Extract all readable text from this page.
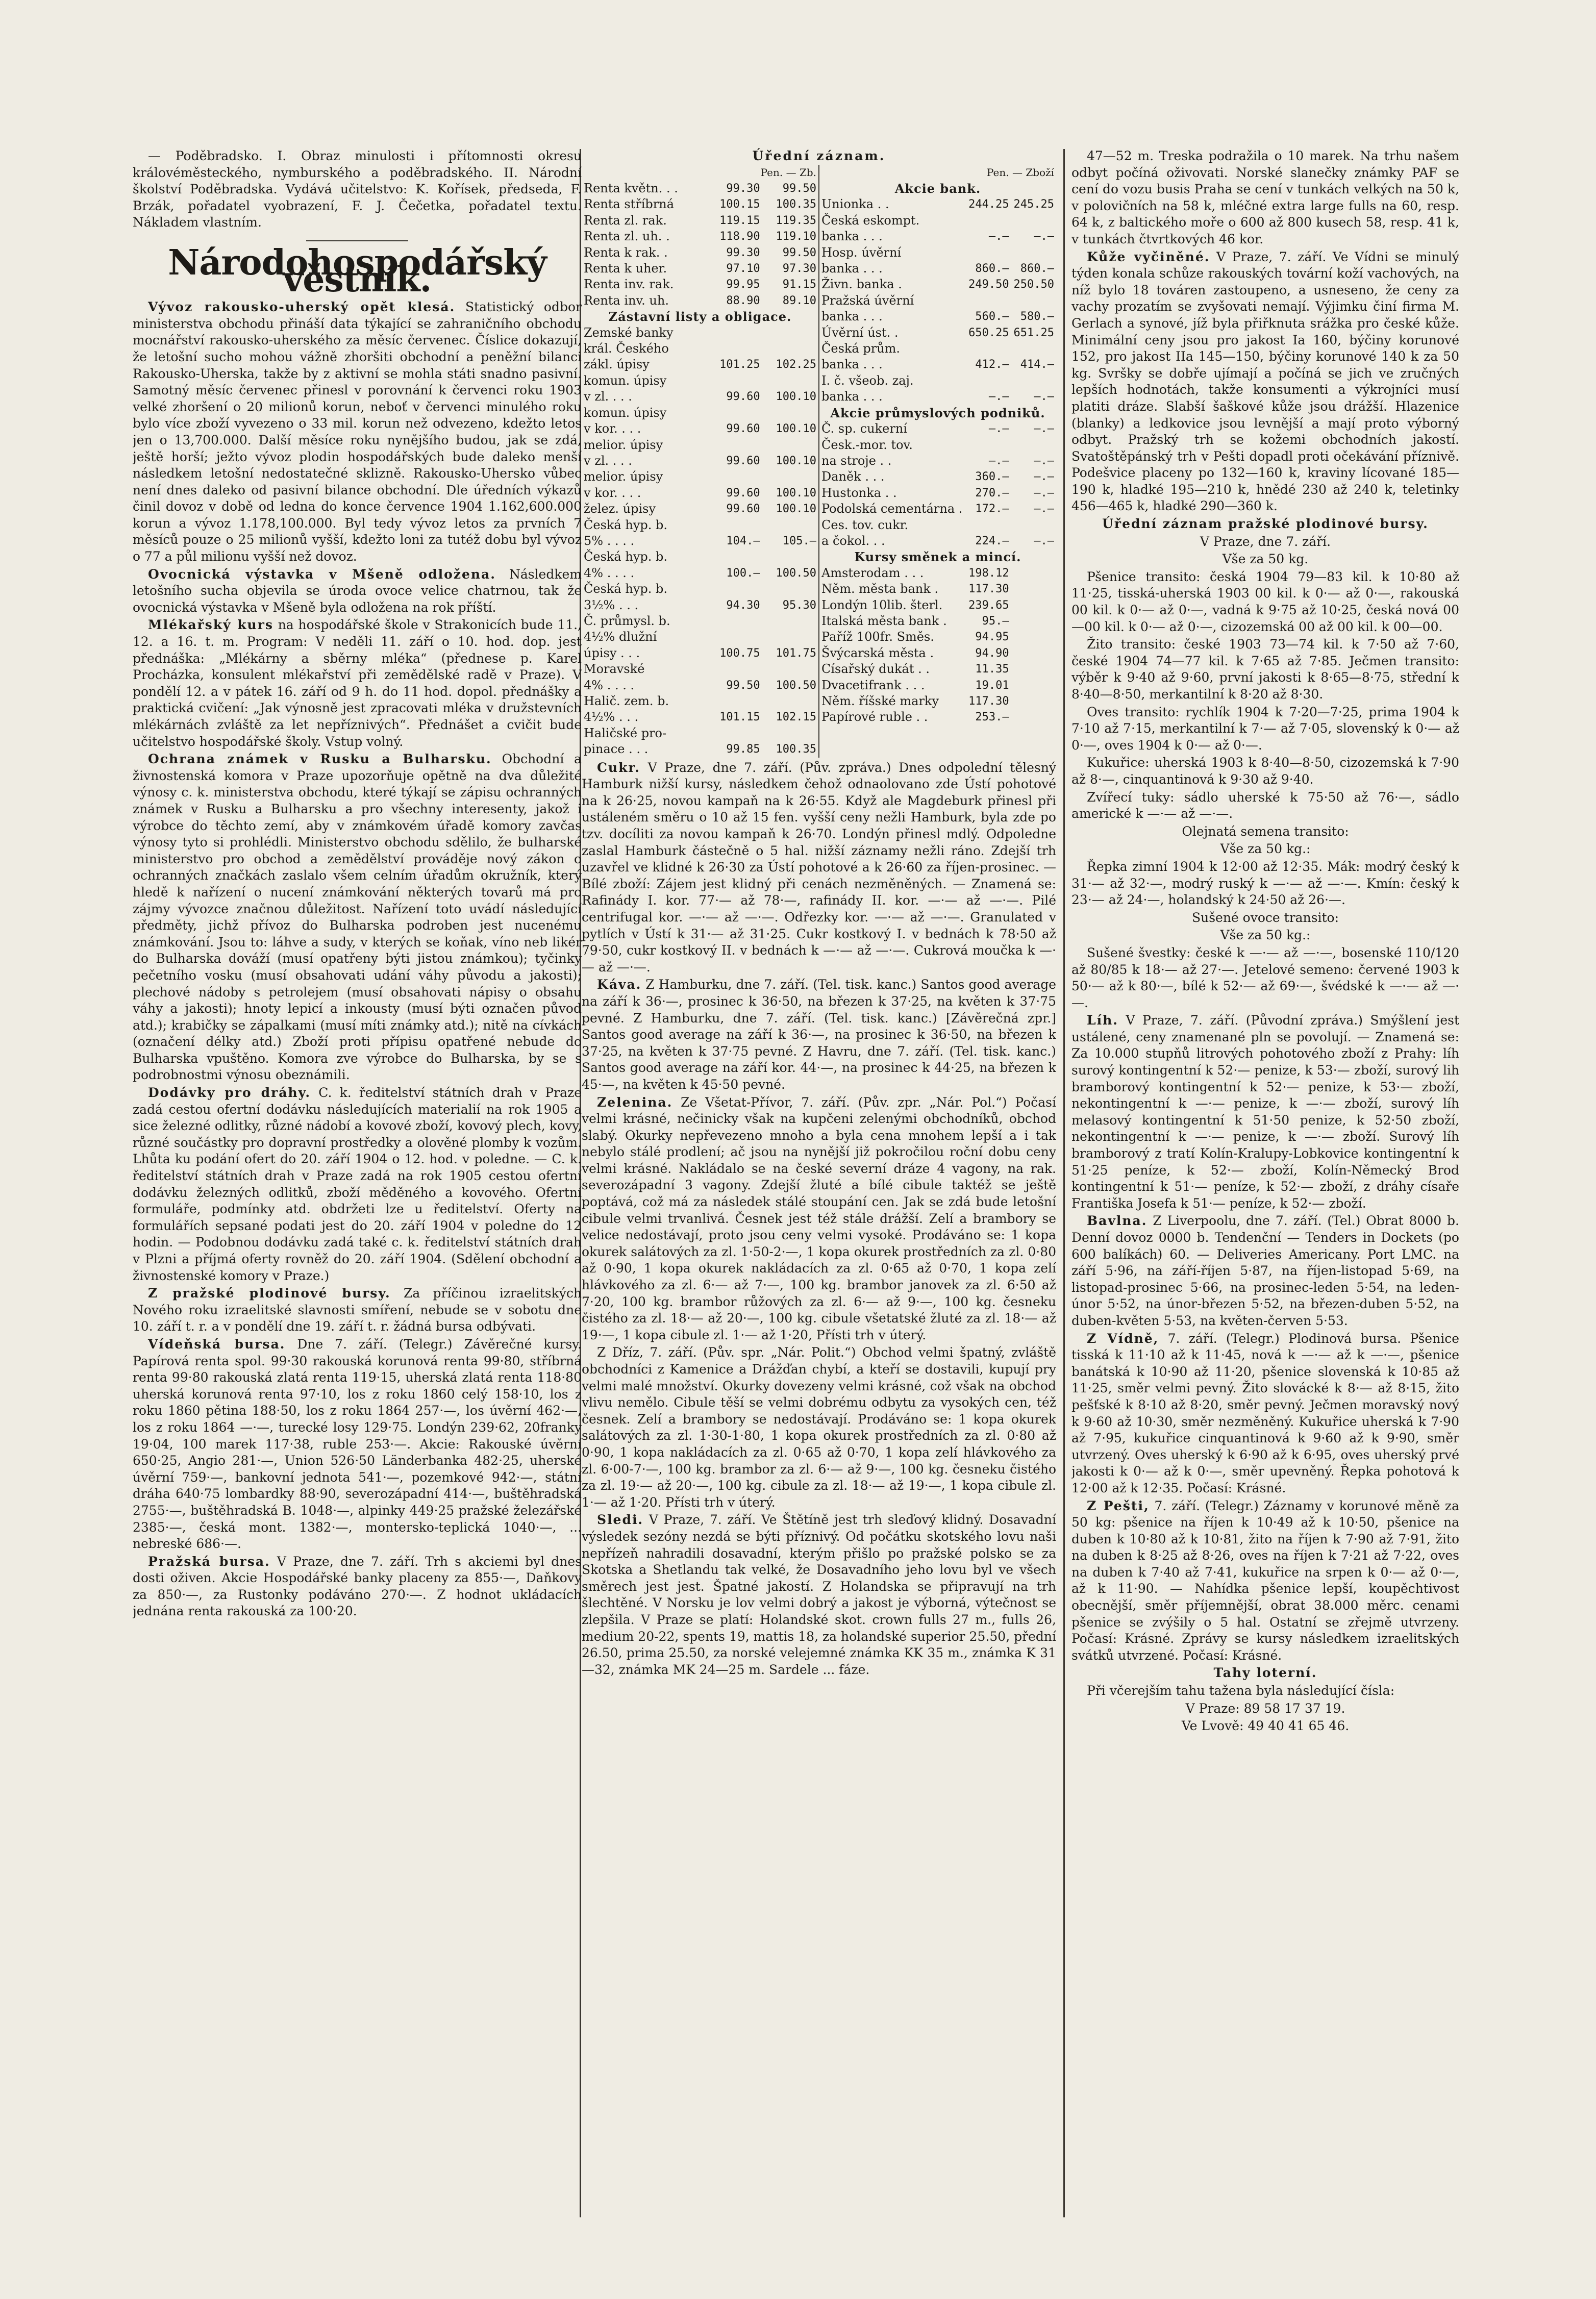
— Poděbradsko. I. Obraz minulosti i přítomnosti okresu královéměsteckého, nymburského a poděbradského. II. Národní školství Poděbradska. Vydává učitelstvo: K. Kořísek, předseda, F. Brzák, pořadatel vyobrazení, F. J. Čečetka, pořadatel textu. Nákladem vlastním.

Národohospodářský věstník.

Vývoz rakousko-uherský opět klesá. Statistický odbor ministerstva obchodu přináší data týkající se zahraničního obchodu mocnářství rakousko-uherského za měsíc červenec. Číslice dokazují, že letošní sucho mohou vážně zhoršiti obchodní a peněžní bilanci Rakousko-Uherska, takže by z aktivní se mohla státi snadno pasivní. Samotný měsíc červenec přinesl v porovnání k červenci roku 1903 velké zhoršení o 20 milionů korun, neboť v červenci minulého roku bylo více zboží vyvezeno o 33 mil. korun než odvezeno, kdežto letos jen o 13,700.000. Další měsíce roku nynějšího budou, jak se zdá, ještě horší; ježto vývoz plodin hospodářských bude daleko menší následkem letošní nedostatečné sklizně. Rakousko-Uhersko vůbec není dnes daleko od pasivní bilance obchodní. Dle úředních výkazů činil dovoz v době od ledna do konce července 1904 1.162,600.000 korun a vývoz 1.178,100.000. Byl tedy vývoz letos za prvních 7 měsíců pouze o 25 milionů vyšší, kdežto loni za tutéž dobu byl vývoz o 77 a půl milionu vyšší než dovoz.

Ovocnická výstavka v Mšeně odložena. Následkem letošního sucha objevila se úroda ovoce velice chatrnou, tak že ovocnická výstavka v Mšeně byla odložena na rok příští.

Mlékařský kurs na hospodářské škole v Strakonicích bude 11., 12. a 16. t. m. Program: V neděli 11. září o 10. hod. dop. jest přednáška: „Mlékárny a sběrny mléka“ (přednese p. Karel Procházka, konsulent mlékařství při zemědělské radě v Praze). V pondělí 12. a v pátek 16. září od 9 h. do 11 hod. dopol. přednášky a praktická cvičení: „Jak výnosně jest zpracovati mléka v družstevních mlékárnách zvláště za let nepříznivých“. Přednášet a cvičit bude učitelstvo hospodářské školy. Vstup volný.

Ochrana známek v Rusku a Bulharsku. Obchodní a živnostenská komora v Praze upozorňuje opětně na dva důležité výnosy c. k. ministerstva obchodu, které týkají se zápisu ochranných známek v Rusku a Bulharsku a pro všechny interesenty, jakož i výrobce do těchto zemí, aby v známkovém úřadě komory zavčas výnosy tyto si prohlédli. Ministerstvo obchodu sdělilo, že bulharské ministerstvo pro obchod a zemědělství prováděje nový zákon o ochranných značkách zaslalo všem celním úřadům okružník, který hledě k nařízení o nucení známkování některých tovarů má pro zájmy vývozce značnou důležitost. Nařízení toto uvádí následující předměty, jichž přívoz do Bulharska podroben jest nucenému známkování. Jsou to: láhve a sudy, v kterých se koňak, víno neb likér do Bulharska dováží (musí opatřeny býti jistou známkou); tyčinky pečetního vosku (musí obsahovati udání váhy původu a jakosti); plechové nádoby s petrolejem (musí obsahovati nápisy o obsahu váhy a jakosti); hnoty lepicí a inkousty (musí býti označen původ atd.); krabičky se zápalkami (musí míti známky atd.); nitě na cívkách (označení délky atd.) Zboží proti přípisu opatřené nebude do Bulharska vpuštěno. Komora zve výrobce do Bulharska, by se s podrobnostmi výnosu obeznámili.

Dodávky pro dráhy. C. k. ředitelství státních drah v Praze zadá cestou ofertní dodávku následujících materialií na rok 1905 a sice železné odlitky, různé nádobí a kovové zboží, kovový plech, kovy, různé součástky pro dopravní prostředky a olověné plomby k vozům. Lhůta ku podání ofert do 20. září 1904 o 12. hod. v poledne. — C. k. ředitelství státních drah v Praze zadá na rok 1905 cestou ofertní dodávku železných odlitků, zboží měděného a kovového. Ofertní formuláře, podmínky atd. obdržeti lze u ředitelství. Oferty na formulářích sepsané podati jest do 20. září 1904 v poledne do 12 hodin. — Podobnou dodávku zadá také c. k. ředitelství státních drah v Plzni a příjmá oferty rovněž do 20. září 1904. (Sdělení obchodní a živnostenské komory v Praze.)

Z pražské plodinové bursy. Za příčinou izraelitských Nového roku izraelitské slavnosti smíření, nebude se v sobotu dne 10. září t. r. a v pondělí dne 19. září t. r. žádná bursa odbývati.

Vídeňská bursa. Dne 7. září. (Telegr.) Závěrečné kursy. Papírová renta spol. 99·30 rakouská korunová renta 99·80, stříbrná renta 99·80 rakouská zlatá renta 119·15, uherská zlatá renta 118·80 uherská korunová renta 97·10, los z roku 1860 celý 158·10, los z roku 1860 pětina 188·50, los z roku 1864 257·—, los úvěrní 462·—, los z roku 1864 —·—, turecké losy 129·75. Londýn 239·62, 20franky 19·04, 100 marek 117·38, ruble 253·—. Akcie: Rakouské úvěrní 650·25, Angio 281·—, Union 526·50 Länderbanka 482·25, uherské úvěrní 759·—, bankovní jednota 541·—, pozemkové 942·—, státní dráha 640·75 lombardky 88·90, severozápadní 414·—, buštěhradská 2755·—, buštěhradská B. 1048·—, alpinky 449·25 pražské železářské 2385·—, česká mont. 1382·—, montersko-teplická 1040·—, ... nebreské 686·—.

Pražská bursa. V Praze, dne 7. září. Trh s akciemi byl dnes dosti oživen. Akcie Hospodářské banky placeny za 855·—, Daňkovy za 850·—, za Rustonky podáváno 270·—. Z hodnot ukládacích jednána renta rakouská za 100·20.

Úřední záznam.
	Pen. — Zb.	
Renta květn. . .	99.30	99.50
Renta stříbrná	100.15	100.35
Renta zl. rak.	119.15	119.35
Renta zl. uh. .	118.90	119.10
Renta k rak. .	99.30	99.50
Renta k uher.	97.10	97.30
Renta inv. rak.	99.95	91.15
Renta inv. uh.	88.90	89.10
Zástavní listy a obligace.		
Zemské banky		
král. Českého		
zákl. úpisy	101.25	102.25
komun. úpisy		
v zl. . . .	99.60	100.10
komun. úpisy		
v kor. . . .	99.60	100.10
melior. úpisy		
v zl. . . .	99.60	100.10
melior. úpisy		
v kor. . . .	99.60	100.10
želez. úpisy	99.60	100.10
Česká hyp. b.		
5% . . . .	104.—	105.—
Česká hyp. b.		
4% . . . .	100.—	100.50
Česká hyp. b.		
3½% . . .	94.30	95.30
Č. průmysl. b.		
4½% dlužní		
úpisy . . .	100.75	101.75
Moravské		
4% . . . .	99.50	100.50
Halič. zem. b.		
4½% . . .	101.15	102.15
Haličské pro-		
pinace . . .	99.85	100.35
	Pen. — Zboží	
Akcie bank.		
Unionka . .	244.25	245.25
Česká eskompt.		
banka . . .	—.—	—.—
Hosp. úvěrní		
banka . . .	860.—	860.—
Živn. banka .	249.50	250.50
Pražská úvěrní		
banka . . .	560.—	580.—
Úvěrní úst. .	650.25	651.25
Česká prům.		
banka . . .	412.—	414.—
I. č. všeob. zaj.		
banka . . .	—.—	—.—
Akcie průmyslových podniků.		
Č. sp. cukerní	—.—	—.—
Česk.-mor. tov.		
na stroje . .	—.—	—.—
Daněk . . .	360.—	—.—
Hustonka . .	270.—	—.—
Podolská cementárna .	172.—	—.—
Ces. tov. cukr.		
a čokol. . .	224.—	—.—
Kursy směnek a mincí.		
Amsterodam . . .	198.12	
Něm. města bank .	117.30	
Londýn 10lib. šterl.	239.65	
Italská města bank .	95.—	
Paříž 100fr. Směs.	94.95	
Švýcarská města .	94.90	
Císařský dukát . .	11.35	
Dvacetifrank . . .	19.01	
Něm. říšské marky	117.30	
Papírové ruble . .	253.—	

Cukr. V Praze, dne 7. září. (Pův. zpráva.) Dnes odpolední tělesný Hamburk nižší kursy, následkem čehož odnaolovano zde Ústí pohotové na k 26·25, novou kampaň na k 26·55. Když ale Magdeburk přinesl při ustáleném směru o 10 až 15 fen. vyšší ceny nežli Hamburk, byla zde po tzv. docíliti za novou kampaň k 26·70. Londýn přinesl mdlý. Odpoledne zaslal Hamburk částečně o 5 hal. nižší záznamy nežli ráno. Zdejší trh uzavřel ve klidné k 26·30 za Ústí pohotové a k 26·60 za říjen-prosinec. — Bílé zboží: Zájem jest klidný při cenách nezměněných. — Znamená se: Rafinády I. kor. 77·— až 78·—, rafinády II. kor. —·— až —·—. Pilé centrifugal kor. —·— až —·—. Odřezky kor. —·— až —·—. Granulated v pytlích v Ústí k 31·— až 31·25. Cukr kostkový I. v bednách k 78·50 až 79·50, cukr kostkový II. v bednách k —·— až —·—. Cukrová moučka k —·— až —·—.

Káva. Z Hamburku, dne 7. září. (Tel. tisk. kanc.) Santos good average na září k 36·—, prosinec k 36·50, na březen k 37·25, na květen k 37·75 pevné. Z Hamburku, dne 7. září. (Tel. tisk. kanc.) [Závěrečná zpr.] Santos good average na září k 36·—, na prosinec k 36·50, na březen k 37·25, na květen k 37·75 pevné. Z Havru, dne 7. září. (Tel. tisk. kanc.) Santos good average na září kor. 44·—, na prosinec k 44·25, na březen k 45·—, na květen k 45·50 pevné.

Zelenina. Ze Všetat-Přívor, 7. září. (Pův. zpr. „Nár. Pol.“) Počasí velmi krásné, nečinicky však na kupčeni zelenými obchodníků, obchod slabý. Okurky nepřevezeno mnoho a byla cena mnohem lepší a i tak nebylo stálé prodlení; ač jsou na nynější již pokročilou roční dobu ceny velmi krásné. Nakládalo se na české severní dráze 4 vagony, na rak. severozápadní 3 vagony. Zdejší žluté a bílé cibule taktéž se ještě poptává, což má za následek stálé stoupání cen. Jak se zdá bude letošní cibule velmi trvanlivá. Česnek jest též stále drážší. Zelí a brambory se velice nedostávají, proto jsou ceny velmi vysoké. Prodáváno se: 1 kopa okurek salátových za zl. 1·50-2·—, 1 kopa okurek prostředních za zl. 0·80 až 0·90, 1 kopa okurek nakládacích za zl. 0·65 až 0·70, 1 kopa zelí hlávkového za zl. 6·— až 7·—, 100 kg. brambor janovek za zl. 6·50 až 7·20, 100 kg. brambor růžových za zl. 6·— až 9·—, 100 kg. česneku čistého za zl. 18·— až 20·—, 100 kg. cibule všetatské žluté za zl. 18·— až 19·—, 1 kopa cibule zl. 1·— až 1·20, Přísti trh v úterý.

Z Dříz, 7. září. (Pův. spr. „Nár. Polit.“) Obchod velmi špatný, zvláště obchodníci z Kamenice a Drážďan chybí, a kteří se dostavili, kupují pry velmi malé množství. Okurky dovezeny velmi krásné, což však na obchod vlivu nemělo. Cibule těší se velmi dobrému odbytu za vysokých cen, též česnek. Zelí a brambory se nedostávají. Prodáváno se: 1 kopa okurek salátových za zl. 1·30-1·80, 1 kopa okurek prostředních za zl. 0·80 až 0·90, 1 kopa nakládacích za zl. 0·65 až 0·70, 1 kopa zelí hlávkového za zl. 6·00-7·—, 100 kg. brambor za zl. 6·— až 9·—, 100 kg. česneku čistého za zl. 19·— až 20·—, 100 kg. cibule za zl. 18·— až 19·—, 1 kopa cibule zl. 1·— až 1·20. Přísti trh v úterý.

Sledi. V Praze, 7. září. Ve Štětíně jest trh sleďový klidný. Dosavadní výsledek sezóny nezdá se býti příznivý. Od počátku skotského lovu naši nepřízeň nahradili dosavadní, kterým přišlo po pražské polsko se za Skotska a Shetlandu tak velké, že Dosavadního jeho lovu byl ve všech směrech jest jest. Špatné jakostí. Z Holandska se připravují na trh šlechtěné. V Norsku je lov velmi dobrý a jakost je výborná, výtečnost se zlepšila. V Praze se platí: Holandské skot. crown fulls 27 m., fulls 26, medium 20-22, spents 19, mattis 18, za holandské superior 25.50, přední 26.50, prima 25.50, za norské velejemné známka KK 35 m., známka K 31—32, známka MK 24—25 m. Sardele ... fáze.

47—52 m. Treska podražila o 10 marek. Na trhu našem odbyt počíná oživovati. Norské slanečky známky PAF se cení do vozu busis Praha se cení v tunkách velkých na 50 k, v polovičních na 58 k, mléčné extra large fulls na 60, resp. 64 k, z baltického moře o 600 až 800 kusech 58, resp. 41 k, v tunkách čtvrtkových 46 kor.

Kůže vyčiněné. V Praze, 7. září. Ve Vídni se minulý týden konala schůze rakouských tovární koží vachových, na níž bylo 18 továren zastoupeno, a usneseno, že ceny za vachy prozatím se zvyšovati nemají. Výjimku činí firma M. Gerlach a synové, jíž byla přiřknuta srážka pro české kůže. Minimální ceny jsou pro jakost Ia 160, býčiny korunové 152, pro jakost IIa 145—150, býčiny korunové 140 k za 50 kg. Svršky se dobře ujímají a počíná se jich ve zručných lepších hodnotách, takže konsumenti a výkrojníci musí platiti dráze. Slabší šaškové kůže jsou drážší. Hlazenice (blanky) a ledkovice jsou levnější a mají proto výborný odbyt. Pražský trh se kožemi obchodních jakostí. Svatoštěpánský trh v Pešti dopadl proti očekávání příznivě. Podešvice placeny po 132—160 k, kraviny lícované 185—190 k, hladké 195—210 k, hnědé 230 až 240 k, teletinky 456—465 k, hladké 290—360 k.

Úřední záznam pražské plodinové bursy.

V Praze, dne 7. září.

Vše za 50 kg.

Pšenice transito: česká 1904 79—83 kil. k 10·80 až 11·25, tisská-uherská 1903 00 kil. k 0·— až 0·—, rakouská 00 kil. k 0·— až 0·—, vadná k 9·75 až 10·25, česká nová 00—00 kil. k 0·— až 0·—, cizozemská 00 až 00 kil. k 00—00.

Žito transito: české 1903 73—74 kil. k 7·50 až 7·60, české 1904 74—77 kil. k 7·65 až 7·85. Ječmen transito: výběr k 9·40 až 9·60, první jakosti k 8·65—8·75, střední k 8·40—8·50, merkantilní k 8·20 až 8·30.

Oves transito: rychlík 1904 k 7·20—7·25, prima 1904 k 7·10 až 7·15, merkantilní k 7·— až 7·05, slovenský k 0·— až 0·—, oves 1904 k 0·— až 0·—.

Kukuřice: uherská 1903 k 8·40—8·50, cizozemská k 7·90 až 8·—, cinquantinová k 9·30 až 9·40.

Zvířecí tuky: sádlo uherské k 75·50 až 76·—, sádlo americké k —·— až —·—.

Olejnatá semena transito:

Vše za 50 kg.:

Řepka zimní 1904 k 12·00 až 12·35. Mák: modrý český k 31·— až 32·—, modrý ruský k —·— až —·—. Kmín: český k 23·— až 24·—, holandský k 24·50 až 26·—.

Sušené ovoce transito:

Vše za 50 kg.:

Sušené švestky: české k —·— až —·—, bosenské 110/120 až 80/85 k 18·— až 27·—. Jetelové semeno: červené 1903 k 50·— až k 80·—, bílé k 52·— až 69·—, švédské k —·— až —·—.

Líh. V Praze, 7. září. (Původní zpráva.) Smýšlení jest ustálené, ceny znamenané pln se povolují. — Znamená se: Za 10.000 stupňů litrových pohotového zboží z Prahy: líh surový kontingentní k 52·— penize, k 53·— zboží, surový lih bramborový kontingentní k 52·— penize, k 53·— zboží, nekontingentní k —·— penize, k —·— zboží, surový líh melasový kontingentní k 51·50 penize, k 52·50 zboží, nekontingentní k —·— penize, k —·— zboží. Surový líh bramborový z tratí Kolín-Kralupy-Lobkovice kontingentní k 51·25 peníze, k 52·— zboží, Kolín-Německý Brod kontingentní k 51·— peníze, k 52·— zboží, z dráhy císaře Františka Josefa k 51·— peníze, k 52·— zboží.

Bavlna. Z Liverpoolu, dne 7. září. (Tel.) Obrat 8000 b. Denní dovoz 0000 b. Tendenční — Tenders in Dockets (po 600 balíkách) 60. — Deliveries Americany. Port LMC. na září 5·96, na září-říjen 5·87, na říjen-listopad 5·69, na listopad-prosinec 5·66, na prosinec-leden 5·54, na leden-únor 5·52, na únor-březen 5·52, na březen-duben 5·52, na duben-květen 5·53, na květen-červen 5·53.

Z Vídně, 7. září. (Telegr.) Plodinová bursa. Pšenice tisská k 11·10 až k 11·45, nová k —·— až k —·—, pšenice banátská k 10·90 až 11·20, pšenice slovenská k 10·85 až 11·25, směr velmi pevný. Žito slovácké k 8·— až 8·15, žito pešťské k 8·10 až 8·20, směr pevný. Ječmen moravský nový k 9·60 až 10·30, směr nezměněný. Kukuřice uherská k 7·90 až 7·95, kukuřice cinquantinová k 9·60 až k 9·90, směr utvrzený. Oves uherský k 6·90 až k 6·95, oves uherský prvé jakosti k 0·— až k 0·—, směr upevněný. Řepka pohotová k 12·00 až k 12·35. Počasí: Krásné.

Z Pešti, 7. září. (Telegr.) Záznamy v korunové měně za 50 kg: pšenice na říjen k 10·49 až k 10·50, pšenice na duben k 10·80 až k 10·81, žito na říjen k 7·90 až 7·91, žito na duben k 8·25 až 8·26, oves na říjen k 7·21 až 7·22, oves na duben k 7·40 až 7·41, kukuřice na srpen k 0·— až 0·—, až k 11·90. — Nahídka pšenice lepší, koupěchtivost obecnější, směr příjemnější, obrat 38.000 měrc. cenami pšenice se zvýšily o 5 hal. Ostatní se zřejmě utvrzeny. Počasí: Krásné. Zprávy se kursy následkem izraelitských svátků utvrzené. Počasí: Krásné.

Tahy loterní.

Při včerejším tahu tažena byla následující čísla:

V Praze: 89 58 17 37 19.

Ve Lvově: 49 40 41 65 46.
